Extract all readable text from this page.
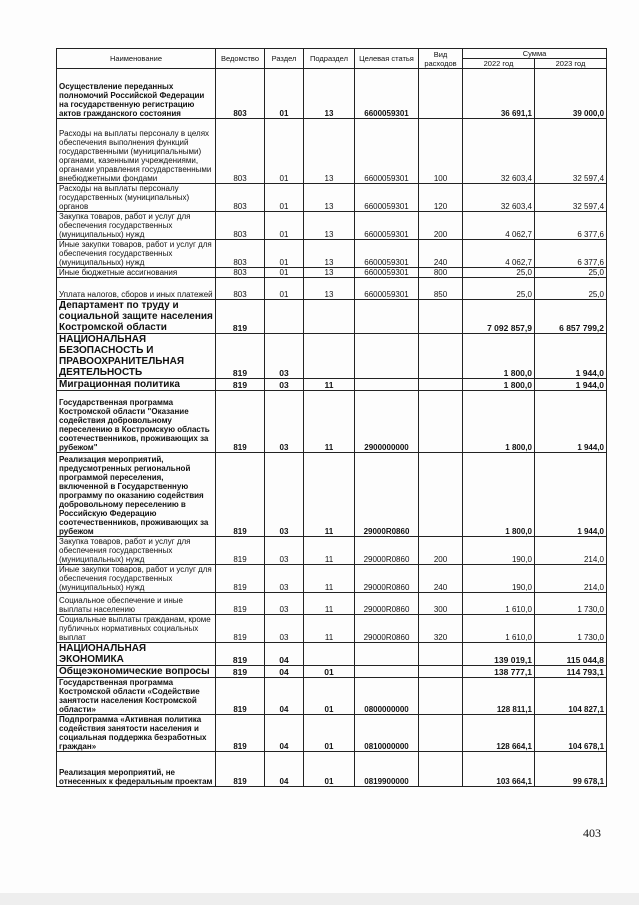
Наименование	Ведомство	Раздел	Подраздел	Целевая статья	Вид расходов	Сумма	
						2022 год	2023 год
Осуществление переданных полномочий Российской Федерации на государственную регистрацию актов гражданского состояния	803	01	13	6600059301		36 691,1	39 000,0
Расходы на выплаты персоналу в целях обеспечения выполнения функций государственными (муниципальными) органами, казенными учреждениями, органами управления государственными внебюджетными фондами	803	01	13	6600059301	100	32 603,4	32 597,4
Расходы на выплаты персоналу государственных (муниципальных) органов	803	01	13	6600059301	120	32 603,4	32 597,4
Закупка товаров, работ и услуг для обеспечения государственных (муниципальных) нужд	803	01	13	6600059301	200	4 062,7	6 377,6
Иные закупки товаров, работ и услуг для обеспечения государственных (муниципальных) нужд	803	01	13	6600059301	240	4 062,7	6 377,6
Иные бюджетные ассигнования	803	01	13	6600059301	800	25,0	25,0
Уплата налогов, сборов и иных платежей	803	01	13	6600059301	850	25,0	25,0
Департамент по труду и социальной защите населения Костромской области	819					7 092 857,9	6 857 799,2
НАЦИОНАЛЬНАЯ БЕЗОПАСНОСТЬ И ПРАВООХРАНИТЕЛЬНАЯ ДЕЯТЕЛЬНОСТЬ	819	03				1 800,0	1 944,0
Миграционная политика	819	03	11			1 800,0	1 944,0
Государственная программа Костромской области "Оказание содействия добровольному переселению в Костромскую область соотечественников, проживающих за рубежом"	819	03	11	2900000000		1 800,0	1 944,0
Реализация мероприятий, предусмотренных региональной программой переселения, включенной в Государственную программу по оказанию содействия добровольному переселению в Российскую Федерацию соотечественников, проживающих за рубежом	819	03	11	29000R0860		1 800,0	1 944,0
Закупка товаров, работ и услуг для обеспечения государственных (муниципальных) нужд	819	03	11	29000R0860	200	190,0	214,0
Иные закупки товаров, работ и услуг для обеспечения государственных (муниципальных) нужд	819	03	11	29000R0860	240	190,0	214,0
Социальное обеспечение и иные выплаты населению	819	03	11	29000R0860	300	1 610,0	1 730,0
Социальные выплаты гражданам, кроме публичных нормативных социальных выплат	819	03	11	29000R0860	320	1 610,0	1 730,0
НАЦИОНАЛЬНАЯ ЭКОНОМИКА	819	04				139 019,1	115 044,8
Общеэкономические вопросы	819	04	01			138 777,1	114 793,1
Государственная программа Костромской области «Содействие занятости населения Костромской области»	819	04	01	0800000000		128 811,1	104 827,1
Подпрограмма «Активная политика содействия занятости населения и социальная поддержка безработных граждан»	819	04	01	0810000000		128 664,1	104 678,1
Реализация мероприятий, не отнесенных к федеральным проектам	819	04	01	0819900000		103 664,1	99 678,1
403
